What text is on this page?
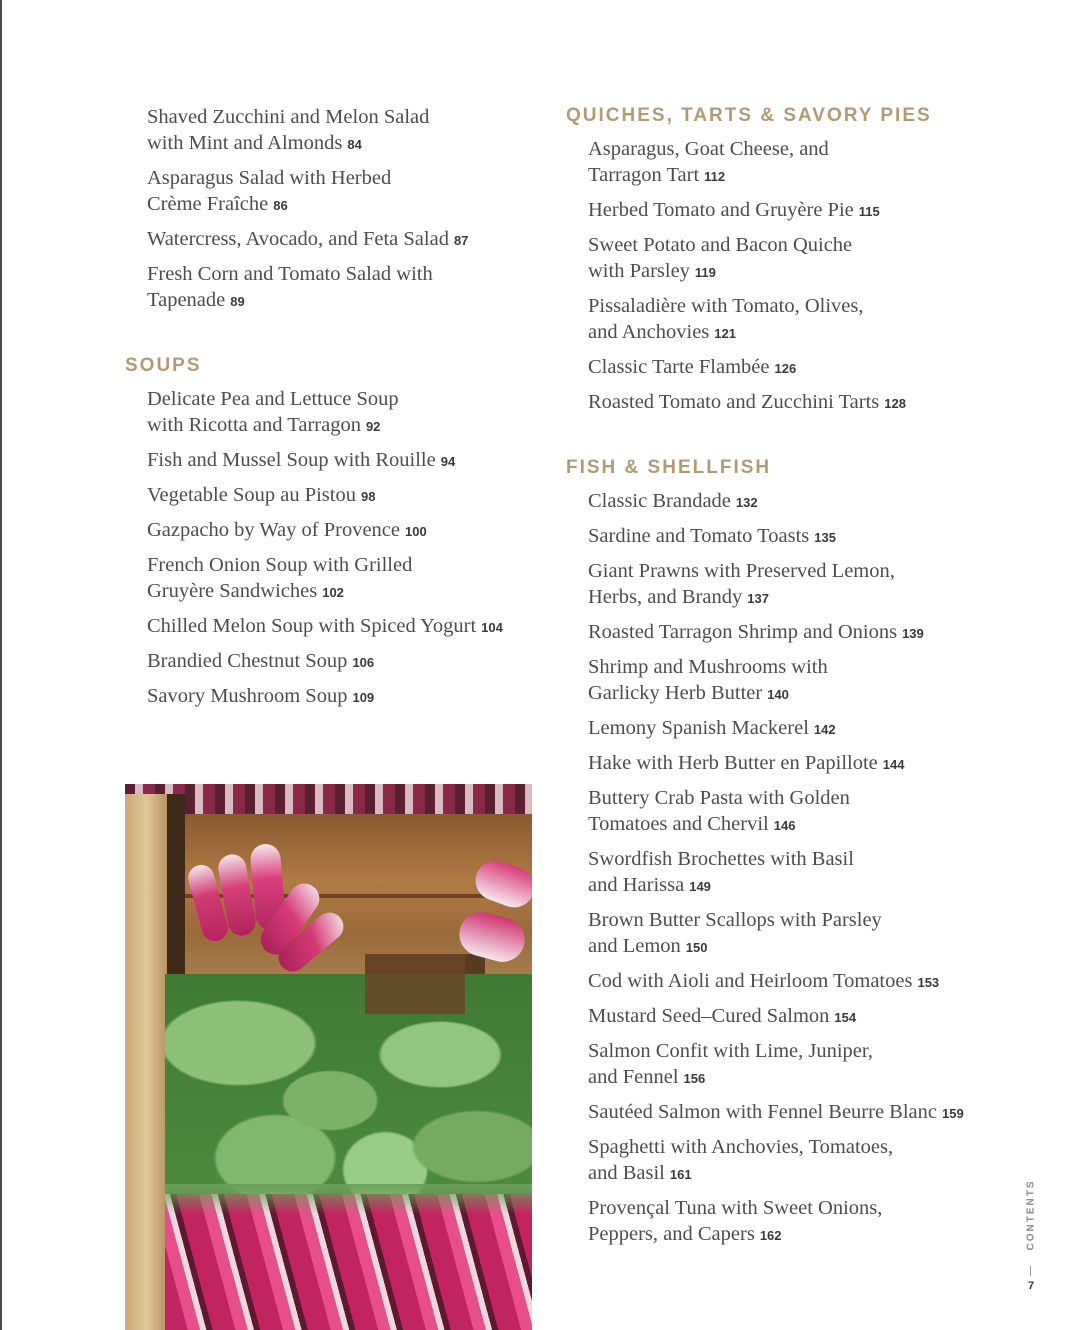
Shaved Zucchini and Melon Salad
with Mint and Almonds 84
Asparagus Salad with Herbed
Crème Fraîche 86
Watercress, Avocado, and Feta Salad 87
Fresh Corn and Tomato Salad with
Tapenade 89
SOUPS
Delicate Pea and Lettuce Soup
with Ricotta and Tarragon 92
Fish and Mussel Soup with Rouille 94
Vegetable Soup au Pistou 98
Gazpacho by Way of Provence 100
French Onion Soup with Grilled
Gruyère Sandwiches 102
Chilled Melon Soup with Spiced Yogurt 104
Brandied Chestnut Soup 106
Savory Mushroom Soup 109
QUICHES, TARTS & SAVORY PIES
Asparagus, Goat Cheese, and
Tarragon Tart 112
Herbed Tomato and Gruyère Pie 115
Sweet Potato and Bacon Quiche
with Parsley 119
Pissaladière with Tomato, Olives,
and Anchovies 121
Classic Tarte Flambée 126
Roasted Tomato and Zucchini Tarts 128
FISH & SHELLFISH
Classic Brandade 132
Sardine and Tomato Toasts 135
Giant Prawns with Preserved Lemon,
Herbs, and Brandy 137
Roasted Tarragon Shrimp and Onions 139
Shrimp and Mushrooms with
Garlicky Herb Butter 140
Lemony Spanish Mackerel 142
Hake with Herb Butter en Papillote 144
Buttery Crab Pasta with Golden
Tomatoes and Chervil 146
Swordfish Brochettes with Basil
and Harissa 149
Brown Butter Scallops with Parsley
and Lemon 150
Cod with Aioli and Heirloom Tomatoes 153
Mustard Seed–Cured Salmon 154
Salmon Confit with Lime, Juniper,
and Fennel 156
Sautéed Salmon with Fennel Beurre Blanc 159
Spaghetti with Anchovies, Tomatoes,
and Basil 161
Provençal Tuna with Sweet Onions,
Peppers, and Capers 162	CONTENTS
7
